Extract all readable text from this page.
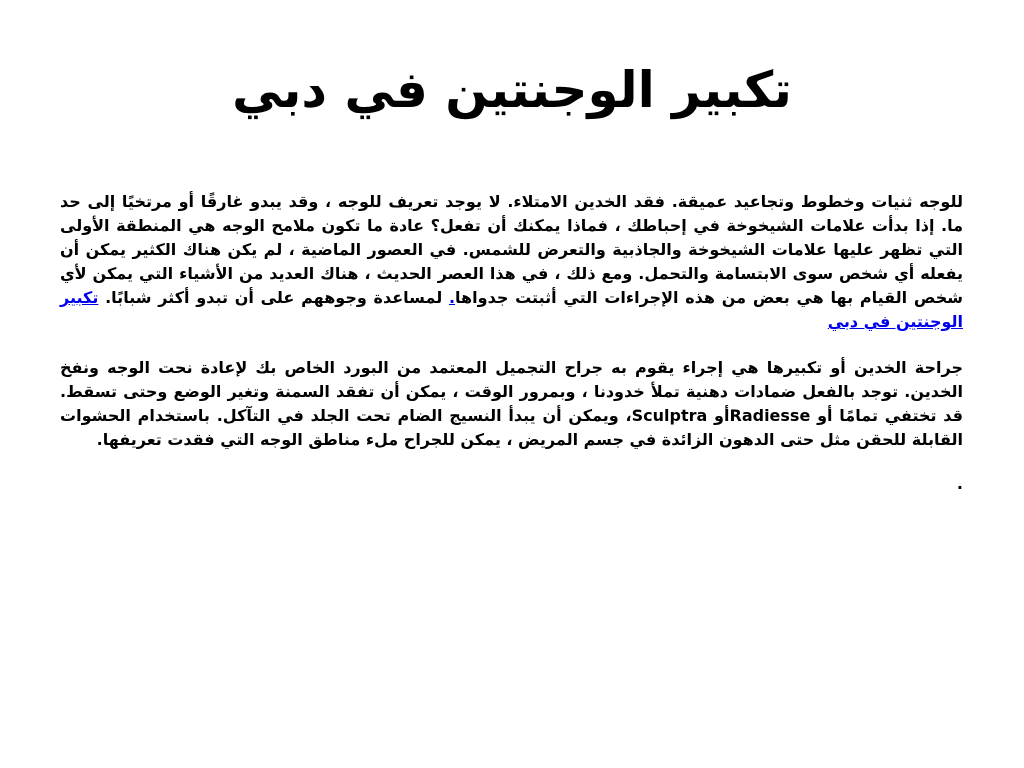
تكبير الوجنتين في دبي

للوجه ثنيات وخطوط وتجاعيد عميقة. فقد الخدين الامتلاء. لا يوجد تعريف للوجه ، وقد يبدو غارقًا أو مرتخيًا إلى حد ما. إذا بدأت علامات الشيخوخة في إحباطك ، فماذا يمكنك أن تفعل؟ عادة ما تكون ملامح الوجه هي المنطقة الأولى التي تظهر عليها علامات الشيخوخة والجاذبية والتعرض للشمس. في العصور الماضية ، لم يكن هناك الكثير يمكن أن يفعله أي شخص سوى الابتسامة والتحمل. ومع ذلك ، في هذا العصر الحديث ، هناك العديد من الأشياء التي يمكن لأي شخص القيام بها هي بعض من هذه الإجراءات التي أثبتت جدواها. لمساعدة وجوههم على أن تبدو أكثر شبابًا. تكبير الوجنتين في دبي

جراحة الخدين أو تكبيرها هي إجراء يقوم به جراح التجميل المعتمد من البورد الخاص بك لإعادة نحت الوجه ونفخ الخدين. توجد بالفعل ضمادات دهنية تملأ خدودنا ، وبمرور الوقت ، يمكن أن تفقد السمنة وتغير الوضع وحتى تسقط. قد تختفي تمامًا أو Radiesseأو Sculptra، ويمكن أن يبدأ النسيج الضام تحت الجلد في التآكل. باستخدام الحشوات القابلة للحقن مثل حتى الدهون الزائدة في جسم المريض ، يمكن للجراح ملء مناطق الوجه التي فقدت تعريفها.

.
